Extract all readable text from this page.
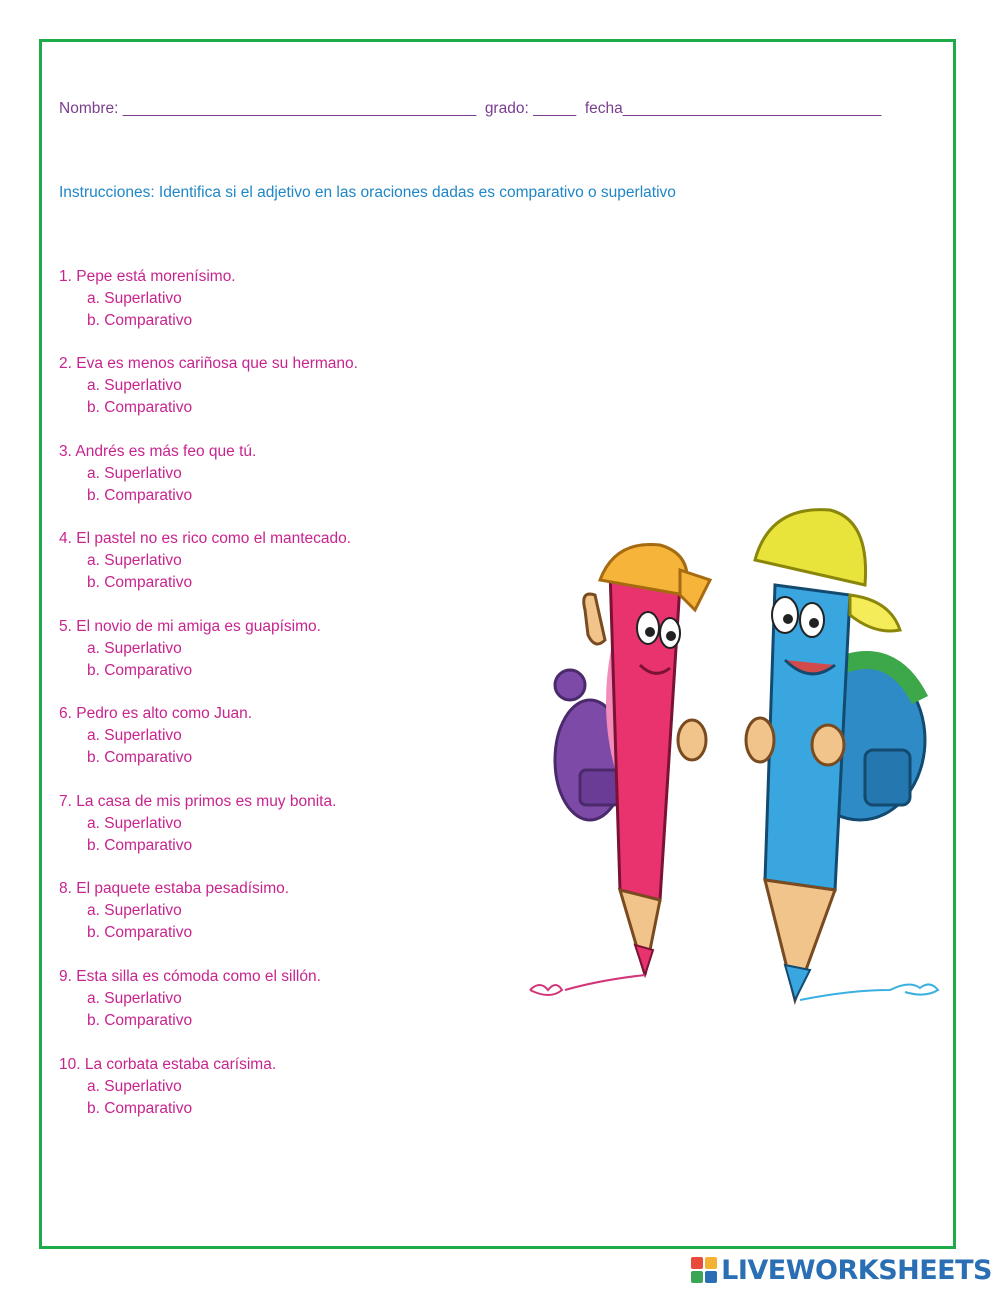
Nombre: _________________________________________ grado: _____ fecha______________________________
Instrucciones: Identifica si el adjetivo en las oraciones dadas es comparativo o superlativo
1. Pepe está morenísimo.
a. Superlativo
b. Comparativo
2. Eva es menos cariñosa que su hermano.
a. Superlativo
b. Comparativo
3. Andrés es más feo que tú.
a. Superlativo
b. Comparativo
4. El pastel no es rico como el mantecado.
a. Superlativo
b. Comparativo
5. El novio de mi amiga es guapísimo.
a. Superlativo
b. Comparativo
6. Pedro es alto como Juan.
a. Superlativo
b. Comparativo
7. La casa de mis primos es muy bonita.
a. Superlativo
b. Comparativo
8. El paquete estaba pesadísimo.
a. Superlativo
b. Comparativo
9. Esta silla es cómoda como el sillón.
a. Superlativo
b. Comparativo
10. La corbata estaba carísima.
a. Superlativo
b. Comparativo
LIVEWORKSHEETS
